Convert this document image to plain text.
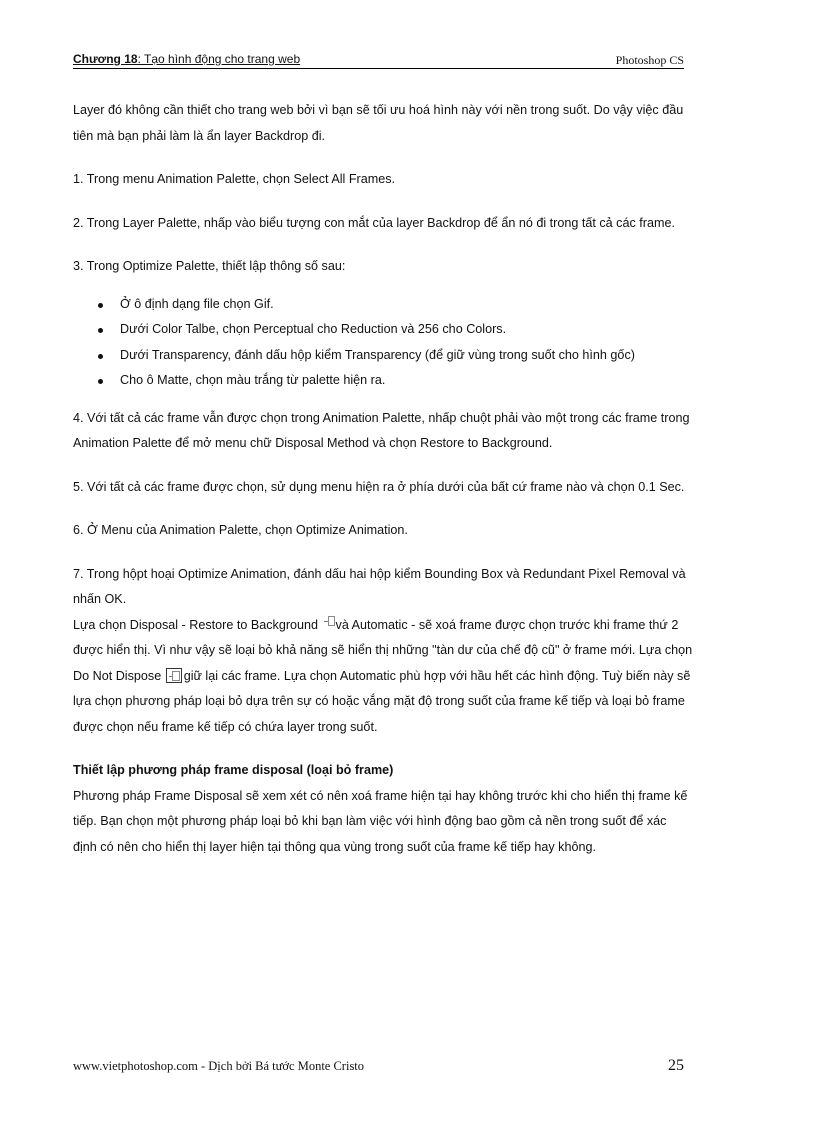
Chương 18: Tạo hình động cho trang web	Photoshop CS

Layer đó không cần thiết cho trang web bởi vì bạn sẽ tối ưu hoá hình này với nền trong suốt. Do vậy việc đầu tiên mà bạn phải làm là ẩn layer Backdrop đi.

1. Trong menu Animation Palette, chọn Select All Frames.

2. Trong Layer Palette, nhấp vào biểu tượng con mắt của layer Backdrop để ẩn nó đi trong tất cả các frame.

3. Trong Optimize Palette, thiết lập thông số sau:

Ở ô định dạng file chọn Gif.
Dưới Color Talbe, chọn Perceptual cho Reduction và 256 cho Colors.
Dưới Transparency, đánh dấu hộp kiểm Transparency (để giữ vùng trong suốt cho hình gốc)
Cho ô Matte, chọn màu trắng từ palette hiện ra.

4. Với tất cả các frame vẫn được chọn trong Animation Palette, nhấp chuột phải vào một trong các frame trong Animation Palette để mở menu chữ Disposal Method và chọn Restore to Background.

5. Với tất cả các frame được chọn, sử dụng menu hiện ra ở phía dưới của bất cứ frame nào và chọn 0.1 Sec.

6. Ở Menu của Animation Palette, chọn Optimize Animation.

7. Trong hộpt hoại Optimize Animation, đánh dấu hai hộp kiểm Bounding Box và Redundant Pixel Removal và nhấn OK.

Lựa chọn Disposal - Restore to Background và Automatic - sẽ xoá frame được chọn trước khi frame thứ 2 được hiển thị. Vì như vậy sẽ loại bỏ khả năng sẽ hiển thị những "tàn dư của chế độ cũ" ở frame mới. Lựa chọn Do Not Dispose giữ lại các frame. Lựa chọn Automatic phù hợp với hầu hết các hình động. Tuỳ biến này sẽ lựa chọn phương pháp loại bỏ dựa trên sự có hoặc vắng mặt độ trong suốt của frame kế tiếp và loại bỏ frame được chọn nếu frame kế tiếp có chứa layer trong suốt.

Thiết lập phương pháp frame disposal (loại bỏ frame)

Phương pháp Frame Disposal sẽ xem xét có nên xoá frame hiện tại hay không trước khi cho hiển thị frame kế tiếp. Bạn chọn một phương pháp loại bỏ khi bạn làm việc với hình động bao gồm cả nền trong suốt để xác định có nên cho hiển thị layer hiện tại thông qua vùng trong suốt của frame kế tiếp hay không.

www.vietphotoshop.com - Dịch bởi Bá tước Monte Cristo	25
